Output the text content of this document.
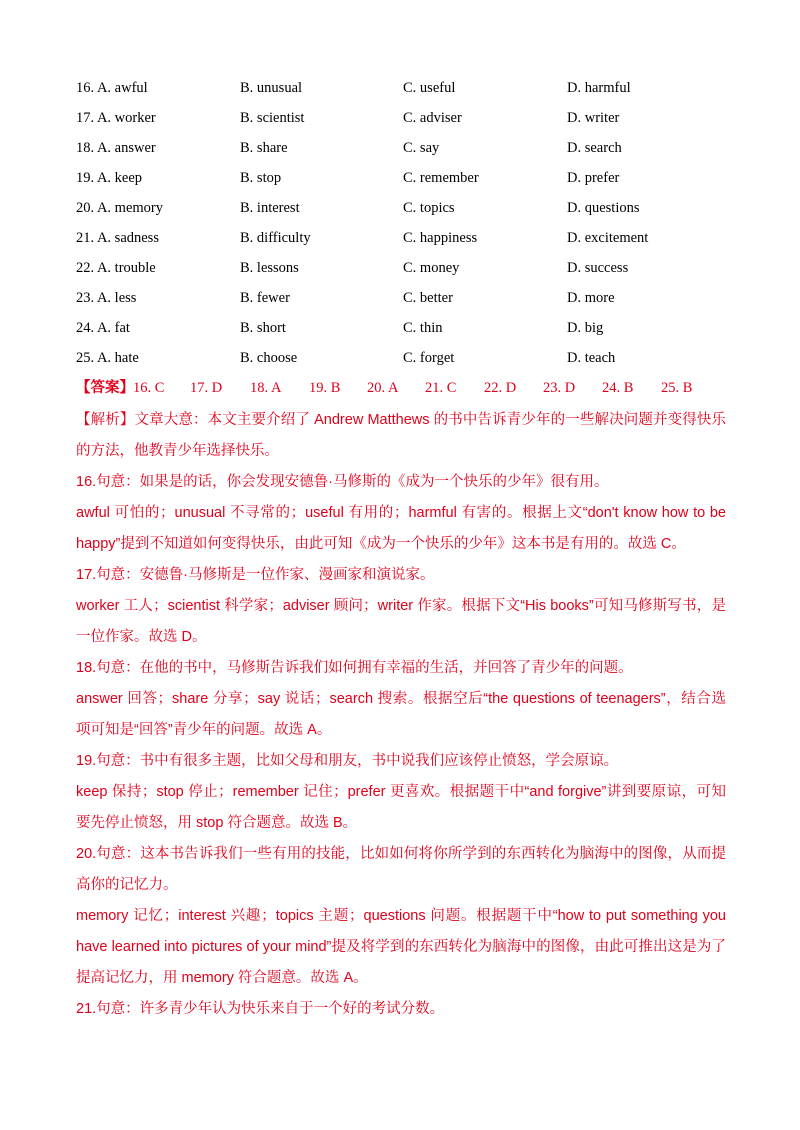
16. A. awful	B. unusual	C. useful	D. harmful
17. A. worker	B. scientist	C. adviser	D. writer
18. A. answer	B. share	C. say	D. search
19. A. keep	B. stop	C. remember	D. prefer
20. A. memory	B. interest	C. topics	D. questions
21. A. sadness	B. difficulty	C. happiness	D. excitement
22. A. trouble	B. lessons	C. money	D. success
23. A. less	B. fewer	C. better	D. more
24. A. fat	B. short	C. thin	D. big
25. A. hate	B. choose	C. forget	D. teach
【答案】 16. C 17. D 18. A 19. B 20. A 21. C 22. D 23. D 24. B 25. B

【解析】文章大意：本文主要介绍了 Andrew Matthews 的书中告诉青少年的一些解决问题并变得快乐的方法，他教青少年选择快乐。

16.句意：如果是的话，你会发现安德鲁·马修斯的《成为一个快乐的少年》很有用。

awful 可怕的；unusual 不寻常的；useful 有用的；harmful 有害的。根据上文“don't know how to be happy”提到不知道如何变得快乐，由此可知《成为一个快乐的少年》这本书是有用的。故选 C。

17.句意：安德鲁·马修斯是一位作家、漫画家和演说家。

worker 工人；scientist 科学家；adviser 顾问；writer 作家。根据下文“His books”可知马修斯写书，是一位作家。故选 D。

18.句意：在他的书中，马修斯告诉我们如何拥有幸福的生活，并回答了青少年的问题。

answer 回答；share 分享；say 说话；search 搜索。根据空后“the questions of teenagers”，结合选项可知是“回答”青少年的问题。故选 A。

19.句意：书中有很多主题，比如父母和朋友，书中说我们应该停止愤怒，学会原谅。

keep 保持；stop 停止；remember 记住；prefer 更喜欢。根据题干中“and forgive”讲到要原谅，可知要先停止愤怒，用 stop 符合题意。故选 B。

20.句意：这本书告诉我们一些有用的技能，比如如何将你所学到的东西转化为脑海中的图像，从而提高你的记忆力。

memory 记忆；interest 兴趣；topics 主题；questions 问题。根据题干中“how to put something you have learned into pictures of your mind”提及将学到的东西转化为脑海中的图像，由此可推出这是为了提高记忆力，用 memory 符合题意。故选 A。

21.句意：许多青少年认为快乐来自于一个好的考试分数。
